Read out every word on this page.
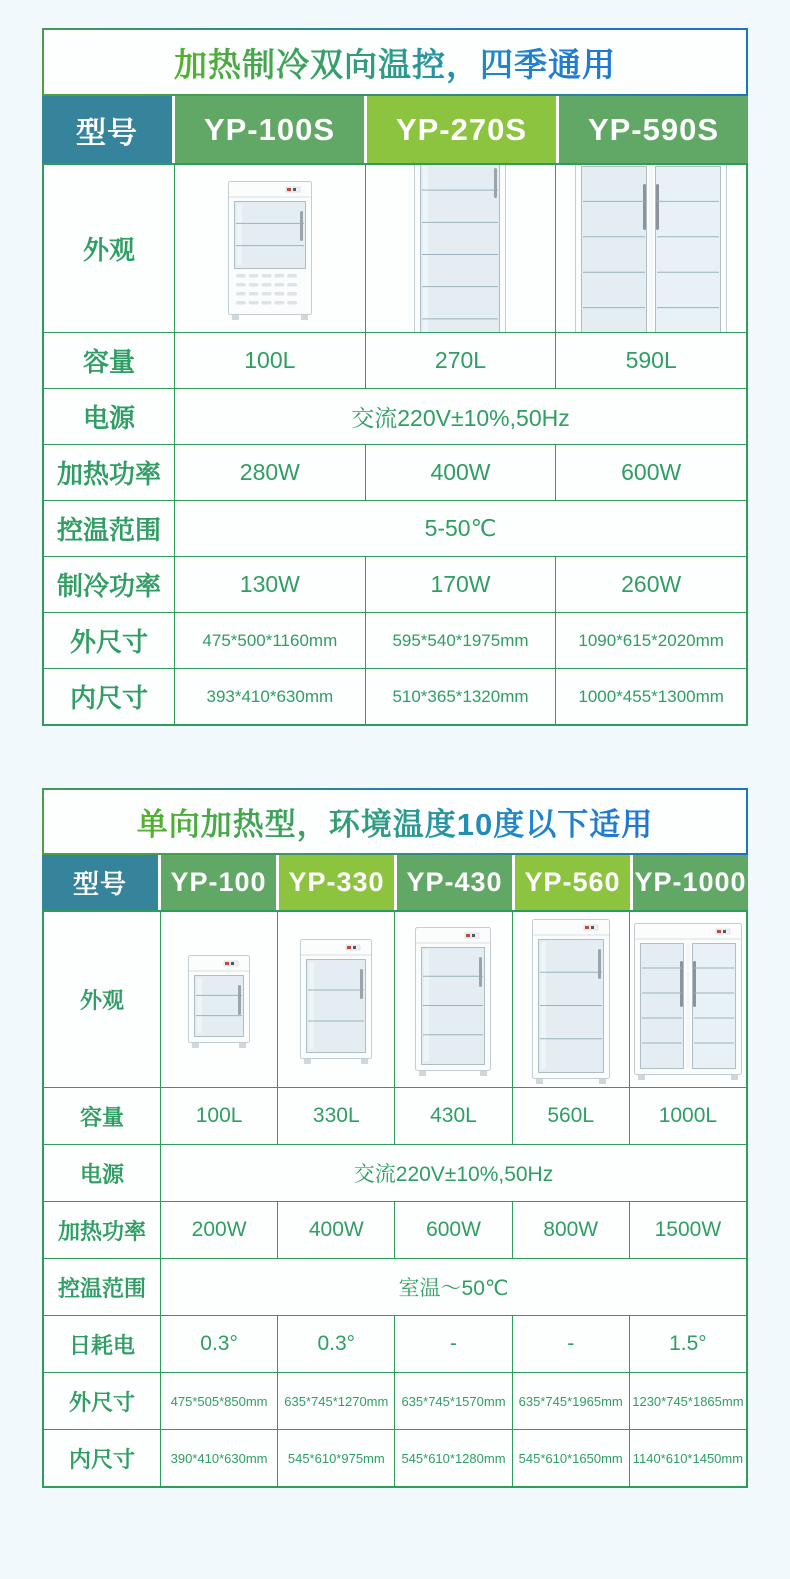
加热制冷双向温控，四季通用
型号	YP-100S	YP-270S	YP-590S
外观
容量	100L	270L	590L
电源	交流220V±10%,50Hz
加热功率	280W	400W	600W
控温范围	5-50℃
制冷功率	130W	170W	260W
外尺寸	475*500*1160mm	595*540*1975mm	1090*615*2020mm
内尺寸	393*410*630mm	510*365*1320mm	1000*455*1300mm
单向加热型，环境温度10度以下适用
型号	YP-100 YP-330 YP-430 YP-560 YP-1000
外观
容量	100L	330L	430L	560L	1000L
电源	交流220V±10%,50Hz
加热功率	200W	400W	600W	800W	1500W
控温范围	室温～50℃
日耗电	0.3°	0.3°	-	-	1.5°
外尺寸	475*505*850mm	635*745*1270mm	635*745*1570mm	635*745*1965mm 1230*745*1865mm
内尺寸	390*410*630mm	545*610*975mm	545*610*1280mm	545*610*1650mm 1140*610*1450mm
